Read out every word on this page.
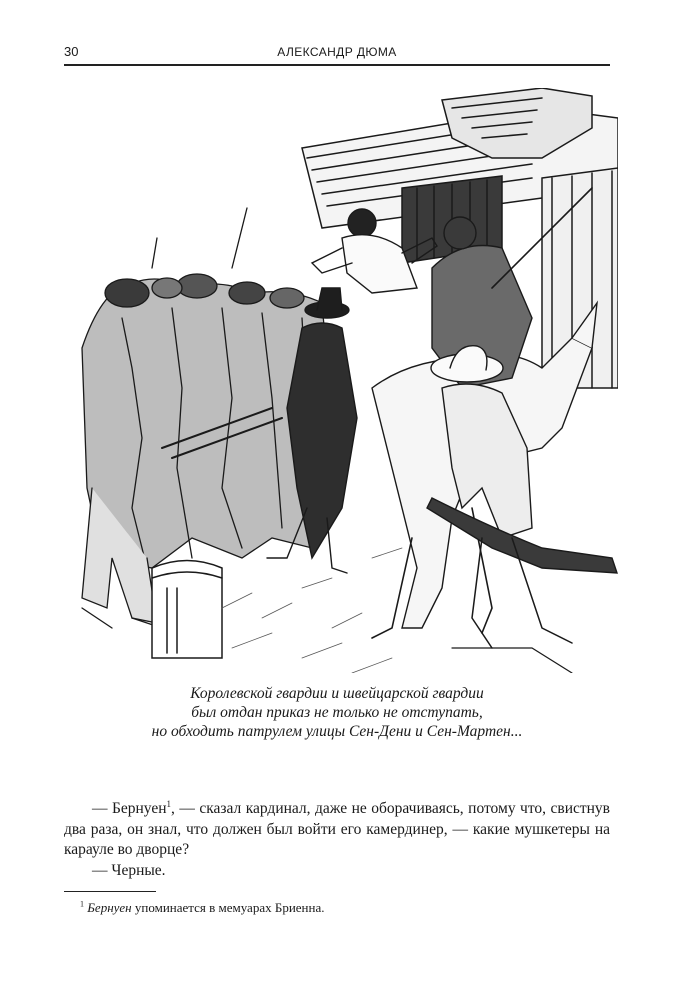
30	АЛЕКСАНДР ДЮМА
Королевской гвардии и швейцарской гвардии
был отдан приказ не только не отступать,
но обходить патрулем улицы Сен-Дени и Сен-Мартен...

— Бернуен$^1$, — сказал кардинал, даже не оборачиваясь, потому что, свистнув два раза, он знал, что должен был войти его камердинер, — какие мушкетеры на карауле во дворце?

— Черные.

$^1$ Бернуен упоминается в мемуарах Бриенна.
